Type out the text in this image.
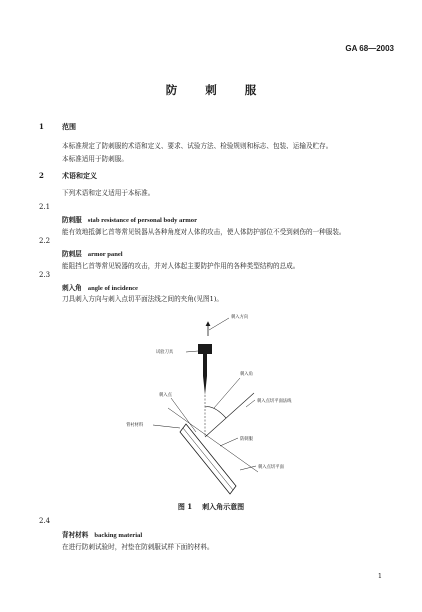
GA 68—2003
防 刺 服
1	范围
本标准规定了防刺服的术语和定义、要求、试验方法、检验规则和标志、包装、运输及贮存。
本标准适用于防刺服。
2	术语和定义
下列术语和定义适用于本标准。
2.1
防刺服 stab resistance of personal body armor
能有效地抵御匕首等常见锐器从各种角度对人体的攻击，使人体防护部位不受到刺伤的一种服装。
2.2
防刺层 armor panel
能阻挡匕首等常见锐器的攻击，并对人体起主要防护作用的各种类型结构的总成。
2.3
刺入角 angle of incidence
刀具刺入方向与刺入点切平面法线之间的夹角(见图1)。
刺入方向
试验刀具
刺入角
刺入点
刺入点切平面法线
背衬材料
防刺服
刺入点切平面
图 1 刺入角示意图
2.4
背衬材料 backing material
在进行防刺试验时，衬垫在防刺服试样下面的材料。
1
